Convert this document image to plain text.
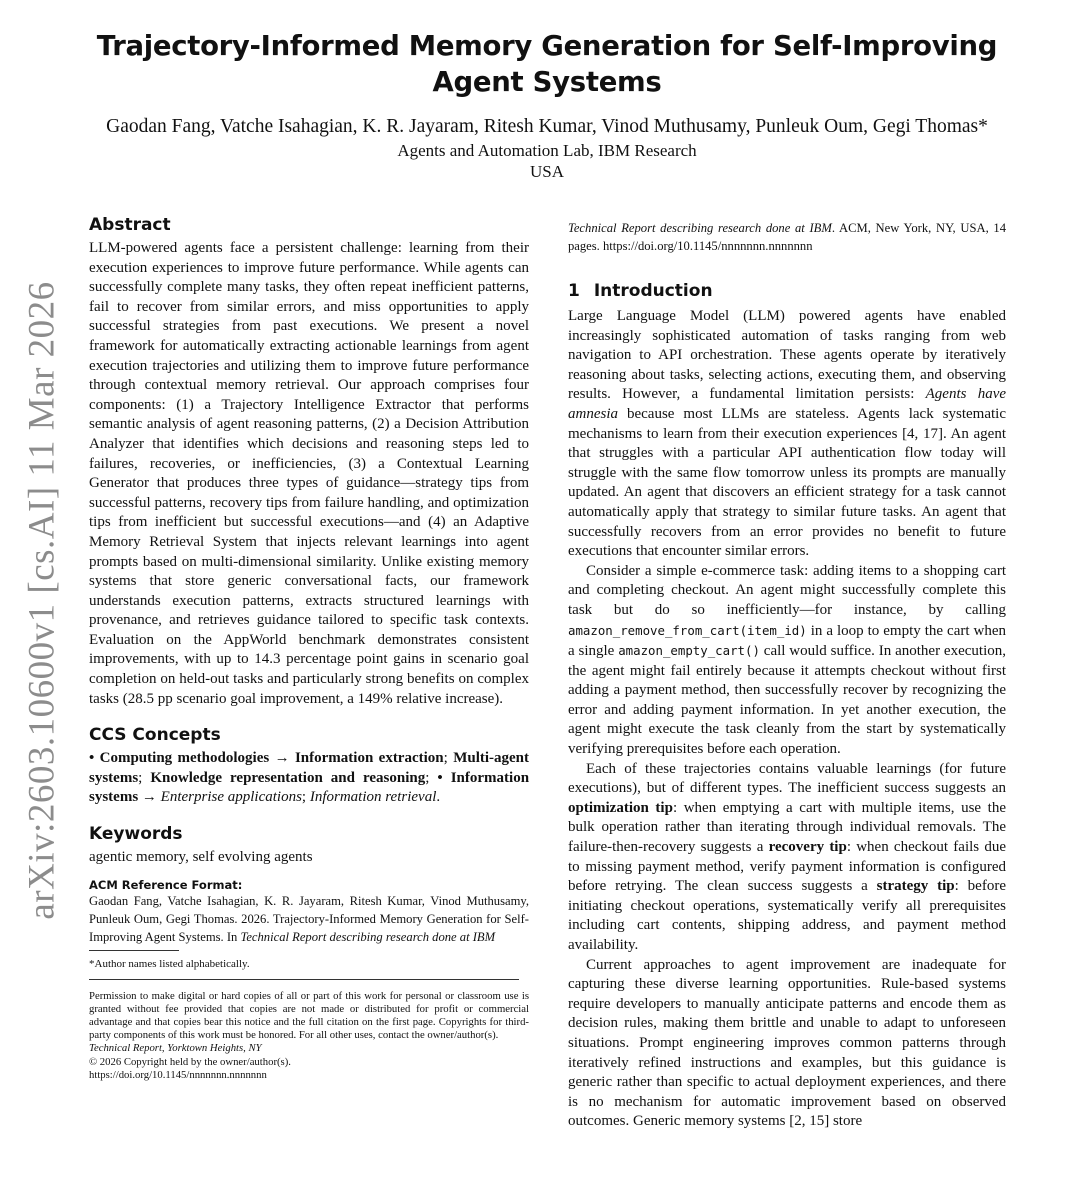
arXiv:2603.10600v1 [cs.AI] 11 Mar 2026
Trajectory-Informed Memory Generation for Self-Improving Agent Systems
Gaodan Fang, Vatche Isahagian, K. R. Jayaram, Ritesh Kumar, Vinod Muthusamy, Punleuk Oum, Gegi Thomas*
Agents and Automation Lab, IBM Research
USA
Abstract

LLM-powered agents face a persistent challenge: learning from their execution experiences to improve future performance. While agents can successfully complete many tasks, they often repeat inefficient patterns, fail to recover from similar errors, and miss opportunities to apply successful strategies from past executions. We present a novel framework for automatically extracting actionable learnings from agent execution trajectories and utilizing them to improve future performance through contextual memory retrieval. Our approach comprises four components: (1) a Trajectory Intelligence Extractor that performs semantic analysis of agent reasoning patterns, (2) a Decision Attribution Analyzer that identifies which decisions and reasoning steps led to failures, recoveries, or inefficiencies, (3) a Contextual Learning Generator that produces three types of guidance—strategy tips from successful patterns, recovery tips from failure handling, and optimization tips from inefficient but successful executions—and (4) an Adaptive Memory Retrieval System that injects relevant learnings into agent prompts based on multi-dimensional similarity. Unlike existing memory systems that store generic conversational facts, our framework understands execution patterns, extracts structured learnings with provenance, and retrieves guidance tailored to specific task contexts. Evaluation on the AppWorld benchmark demonstrates consistent improvements, with up to 14.3 percentage point gains in scenario goal completion on held-out tasks and particularly strong benefits on complex tasks (28.5 pp scenario goal improvement, a 149% relative increase).

CCS Concepts

• Computing methodologies → Information extraction; Multi-agent systems; Knowledge representation and reasoning; • Information systems → Enterprise applications; Information retrieval.

Keywords

agentic memory, self evolving agents

ACM Reference Format:

Gaodan Fang, Vatche Isahagian, K. R. Jayaram, Ritesh Kumar, Vinod Muthusamy, Punleuk Oum, Gegi Thomas. 2026. Trajectory-Informed Memory Generation for Self-Improving Agent Systems. In Technical Report describing research done at IBM

*Author names listed alphabetically.
Permission to make digital or hard copies of all or part of this work for personal or classroom use is granted without fee provided that copies are not made or distributed for profit or commercial advantage and that copies bear this notice and the full citation on the first page. Copyrights for third-party components of this work must be honored. For all other uses, contact the owner/author(s).
Technical Report, Yorktown Heights, NY
© 2026 Copyright held by the owner/author(s).
https://doi.org/10.1145/nnnnnnn.nnnnnnn

Technical Report describing research done at IBM. ACM, New York, NY, USA, 14 pages. https://doi.org/10.1145/nnnnnnn.nnnnnnn

1 Introduction

Large Language Model (LLM) powered agents have enabled increasingly sophisticated automation of tasks ranging from web navigation to API orchestration. These agents operate by iteratively reasoning about tasks, selecting actions, executing them, and observing results. However, a fundamental limitation persists: Agents have amnesia because most LLMs are stateless. Agents lack systematic mechanisms to learn from their execution experiences [4, 17]. An agent that struggles with a particular API authentication flow today will struggle with the same flow tomorrow unless its prompts are manually updated. An agent that discovers an efficient strategy for a task cannot automatically apply that strategy to similar future tasks. An agent that successfully recovers from an error provides no benefit to future executions that encounter similar errors.

Consider a simple e-commerce task: adding items to a shopping cart and completing checkout. An agent might successfully complete this task but do so inefficiently—for instance, by calling amazon_remove_from_cart(item_id) in a loop to empty the cart when a single amazon_empty_cart() call would suffice. In another execution, the agent might fail entirely because it attempts checkout without first adding a payment method, then successfully recover by recognizing the error and adding payment information. In yet another execution, the agent might execute the task cleanly from the start by systematically verifying prerequisites before each operation.

Each of these trajectories contains valuable learnings (for future executions), but of different types. The inefficient success suggests an optimization tip: when emptying a cart with multiple items, use the bulk operation rather than iterating through individual removals. The failure-then-recovery suggests a recovery tip: when checkout fails due to missing payment method, verify payment information is configured before retrying. The clean success suggests a strategy tip: before initiating checkout operations, systematically verify all prerequisites including cart contents, shipping address, and payment method availability.

Current approaches to agent improvement are inadequate for capturing these diverse learning opportunities. Rule-based systems require developers to manually anticipate patterns and encode them as decision rules, making them brittle and unable to adapt to unforeseen situations. Prompt engineering improves common patterns through iteratively refined instructions and examples, but this guidance is generic rather than specific to actual deployment experiences, and there is no mechanism for automatic improvement based on observed outcomes. Generic memory systems [2, 15] store
